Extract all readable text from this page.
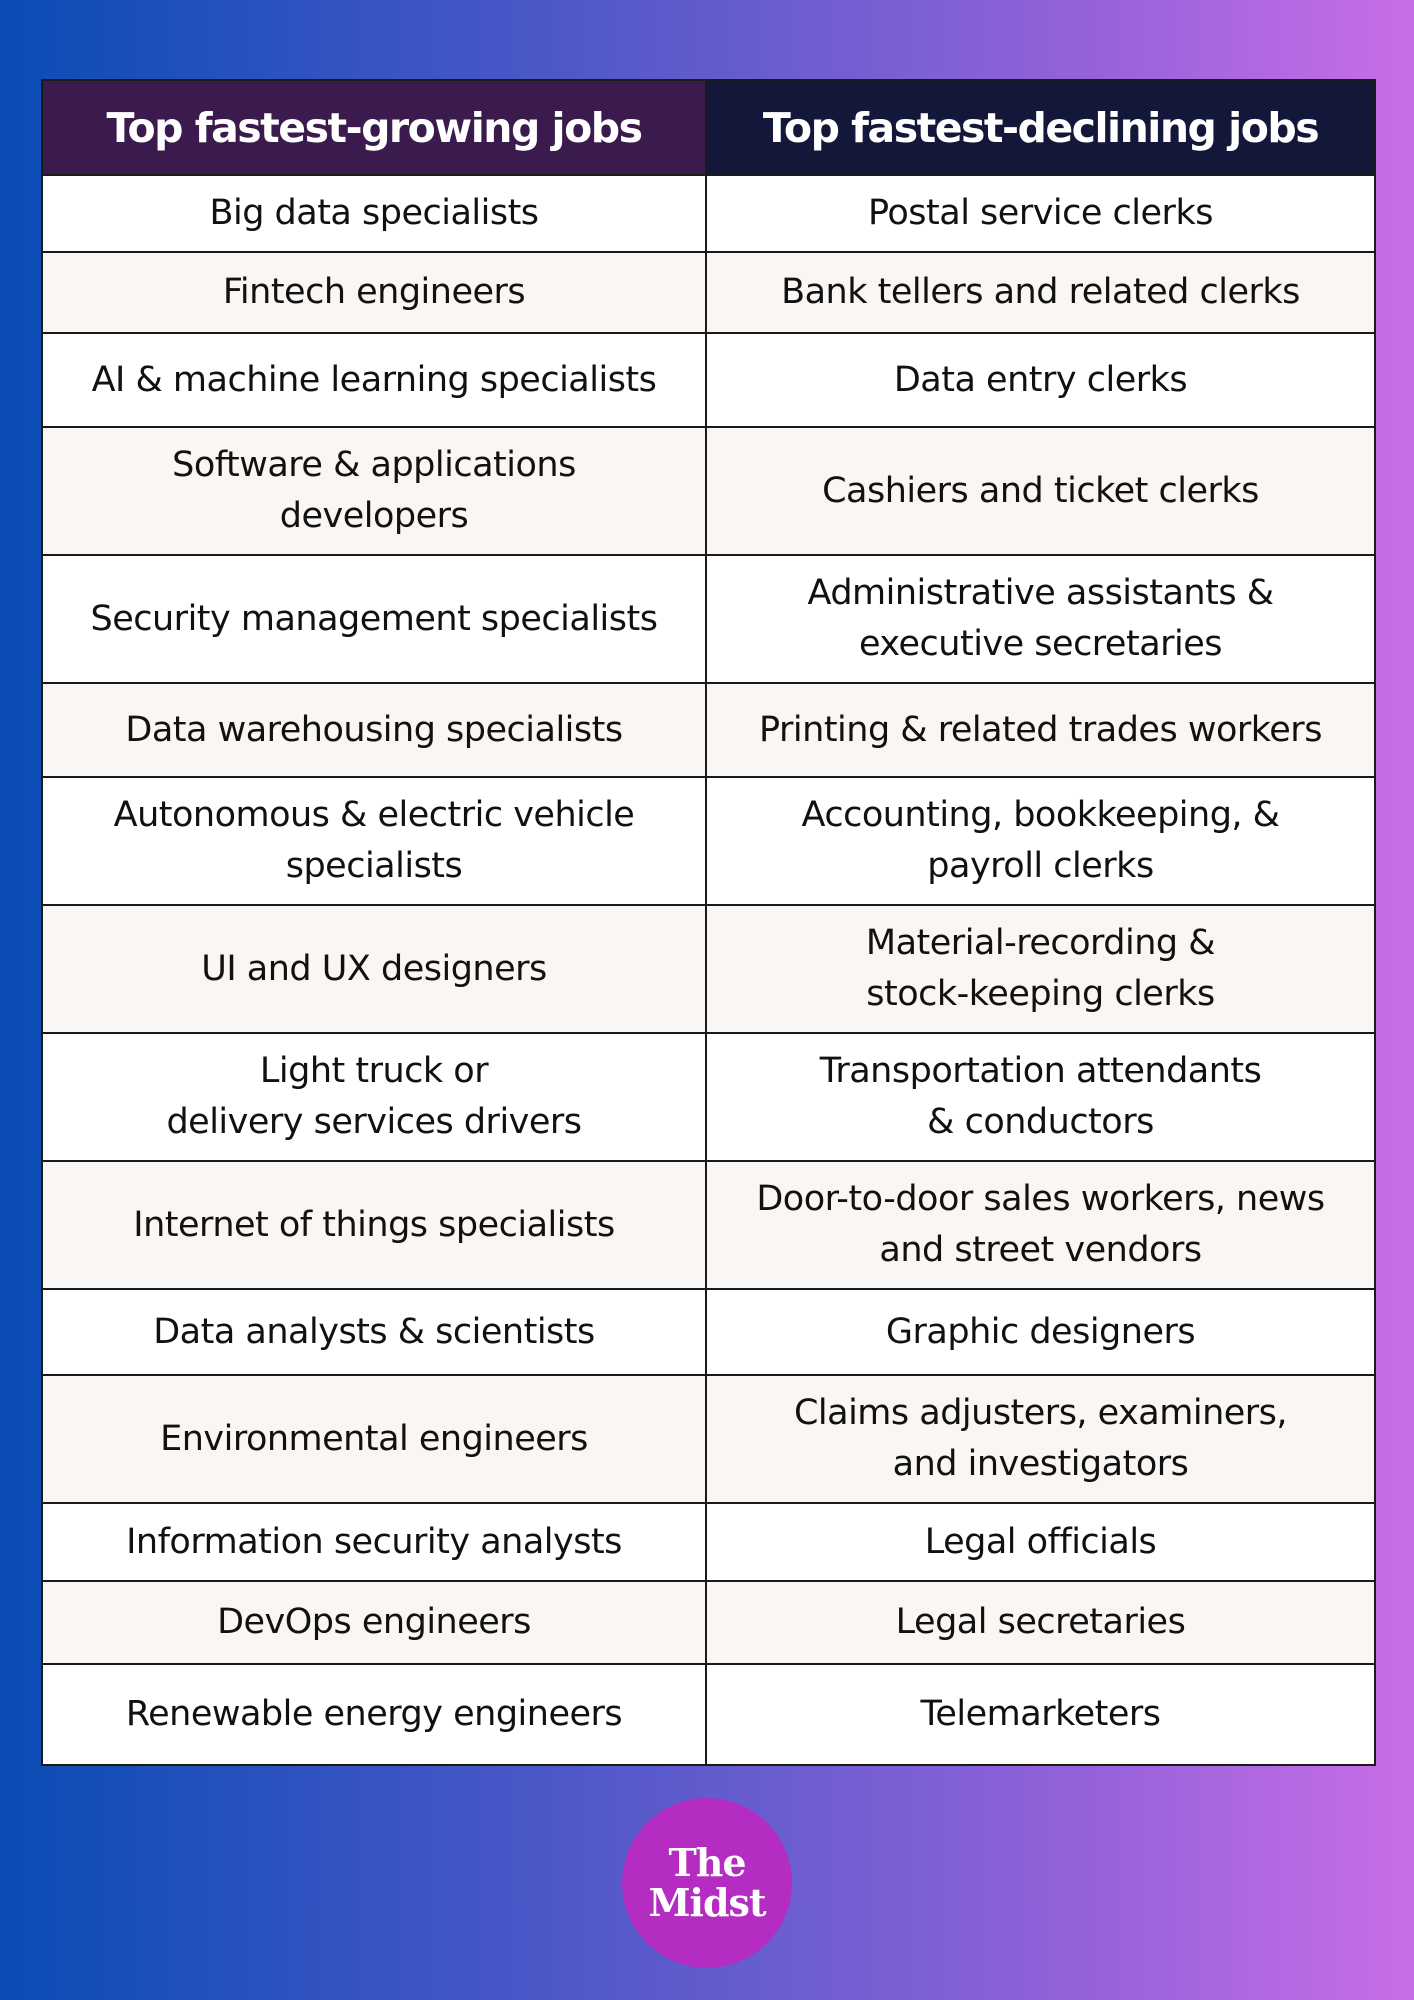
Top fastest-growing jobs	Top fastest-declining jobs
Big data specialists	Postal service clerks
Fintech engineers	Bank tellers and related clerks
AI & machine learning specialists	Data entry clerks
Software & applications
developers	Cashiers and ticket clerks
Security management specialists	Administrative assistants &
executive secretaries
Data warehousing specialists	Printing & related trades workers
Autonomous & electric vehicle
specialists	Accounting, bookkeeping, &
payroll clerks
UI and UX designers	Material-recording &
stock-keeping clerks
Light truck or
delivery services drivers	Transportation attendants
& conductors
Internet of things specialists	Door-to-door sales workers, news
and street vendors
Data analysts & scientists	Graphic designers
Environmental engineers	Claims adjusters, examiners,
and investigators
Information security analysts	Legal officials
DevOps engineers	Legal secretaries
Renewable energy engineers	Telemarketers
The
Midst
